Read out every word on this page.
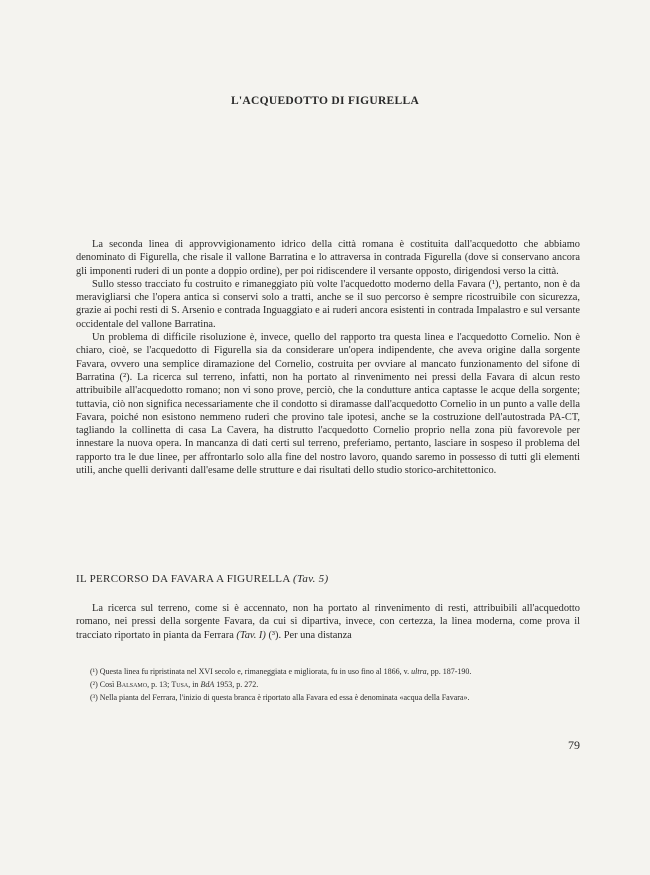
L'ACQUEDOTTO DI FIGURELLA

La seconda linea di approvvigionamento idrico della città romana è costituita dall'acquedotto che abbiamo denominato di Figurella, che risale il vallone Barratina e lo attraversa in contrada Figurella (dove si conservano ancora gli imponenti ruderi di un ponte a doppio ordine), per poi ridiscendere il versante opposto, dirigendosi verso la città.

Sullo stesso tracciato fu costruito e rimaneggiato più volte l'acquedotto moderno della Favara (¹), pertanto, non è da meravigliarsi che l'opera antica si conservi solo a tratti, anche se il suo percorso è sempre ricostruibile con sicurezza, grazie ai pochi resti di S. Arsenio e contrada Inguaggiato e ai ruderi ancora esistenti in contrada Impalastro e sul versante occidentale del vallone Barratina.

Un problema di difficile risoluzione è, invece, quello del rapporto tra questa linea e l'acquedotto Cornelio. Non è chiaro, cioè, se l'acquedotto di Figurella sia da considerare un'opera indipendente, che aveva origine dalla sorgente Favara, ovvero una semplice diramazione del Cornelio, costruita per ovviare al mancato funzionamento del sifone di Barratina (²). La ricerca sul terreno, infatti, non ha portato al rinvenimento nei pressi della Favara di alcun resto attribuibile all'acquedotto romano; non vi sono prove, perciò, che la condutture antica captasse le acque della sorgente; tuttavia, ciò non significa necessariamente che il condotto si diramasse dall'acquedotto Cornelio in un punto a valle della Favara, poiché non esistono nemmeno ruderi che provino tale ipotesi, anche se la costruzione dell'autostrada PA-CT, tagliando la collinetta di casa La Cavera, ha distrutto l'acquedotto Cornelio proprio nella zona più favorevole per innestare la nuova opera. In mancanza di dati certi sul terreno, preferiamo, pertanto, lasciare in sospeso il problema del rapporto tra le due linee, per affrontarlo solo alla fine del nostro lavoro, quando saremo in possesso di tutti gli elementi utili, anche quelli derivanti dall'esame delle strutture e dai risultati dello studio storico-architettonico.

IL PERCORSO DA FAVARA A FIGURELLA (Tav. 5)

La ricerca sul terreno, come si è accennato, non ha portato al rinvenimento di resti, attribuibili all'acquedotto romano, nei pressi della sorgente Favara, da cui si dipartiva, invece, con certezza, la linea moderna, come prova il tracciato riportato in pianta da Ferrara (Tav. I) (³). Per una distanza

(¹) Questa linea fu ripristinata nel XVI secolo e, rimaneggiata e migliorata, fu in uso fino al 1866, v. ultra, pp. 187-190.

(²) Così Balsamo, p. 13; Tusa, in BdA 1953, p. 272.

(³) Nella pianta del Ferrara, l'inizio di questa branca è riportato alla Favara ed essa è denominata «acqua della Favara».

79
